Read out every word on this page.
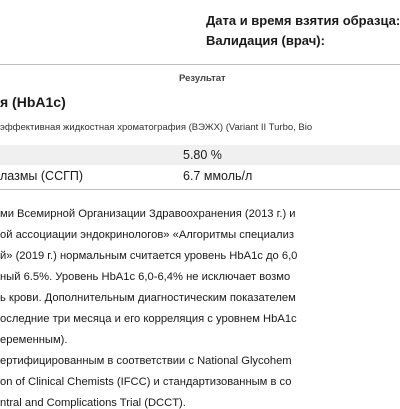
Дата и время взятия образца:
Валидация (врач):
Результат
я (HbA1c)
эффективная жидкостная хроматография (ВЭЖХ) (Variant II Turbo, Bio
5.80 %
лазмы (ССГП)	6.7 ммоль/л
ми Всемирной Организации Здравоохранения (2013 г.) и
ой ассоциации эндокринологов» «Алгоритмы специализ
й» (2019 г.) нормальным считается уровень HbA1c до 6,0
ный 6.5%. Уровень HbA1c 6,0-6,4% не исключает возмо
ь крови. Дополнительным диагностическим показателем
оследние три месяца и его корреляция с уровнем HbA1c
еременным).
ертифицированным в соответствии с National Glycohem
on of Clinical Chemists (IFCC) и стандартизованным в со
ntral and Complications Trial (DCCT).
